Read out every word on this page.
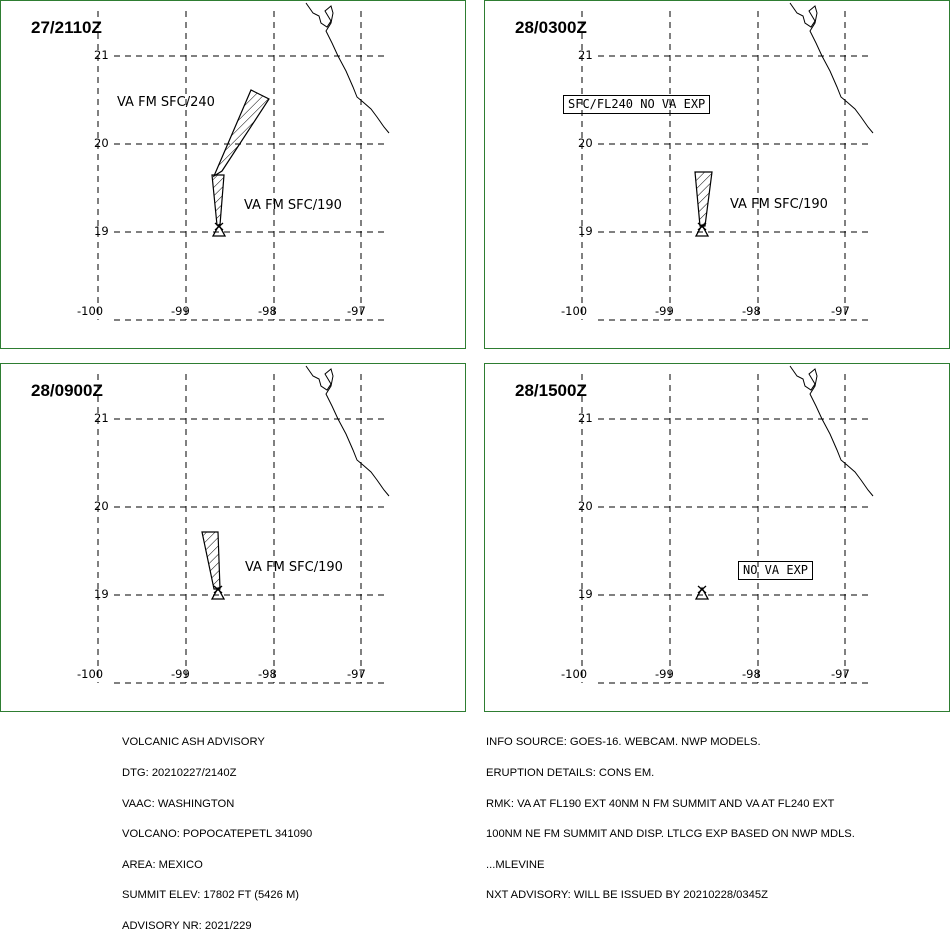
27/2110Z
21
20
19
-100	-99	-98	-97
VA FM SFC/240
VA FM SFC/190
28/0300Z
21
20
19
-100	-99	-98	-97
SFC/FL240 NO VA EXP
VA FM SFC/190
28/0900Z
21
20
19
-100	-99	-98	-97
VA FM SFC/190
28/1500Z
21
20
19
-100	-99	-98	-97
NO VA EXP

VOLCANIC ASH ADVISORY

DTG: 20210227/2140Z

VAAC: WASHINGTON

VOLCANO: POPOCATEPETL 341090

AREA: MEXICO

SUMMIT ELEV: 17802 FT (5426 M)

ADVISORY NR: 2021/229

INFO SOURCE: GOES-16. WEBCAM. NWP MODELS.

ERUPTION DETAILS: CONS EM.

RMK: VA AT FL190 EXT 40NM N FM SUMMIT AND VA AT FL240 EXT

100NM NE FM SUMMIT AND DISP. LTLCG EXP BASED ON NWP MDLS.

...MLEVINE

NXT ADVISORY: WILL BE ISSUED BY 20210228/0345Z
